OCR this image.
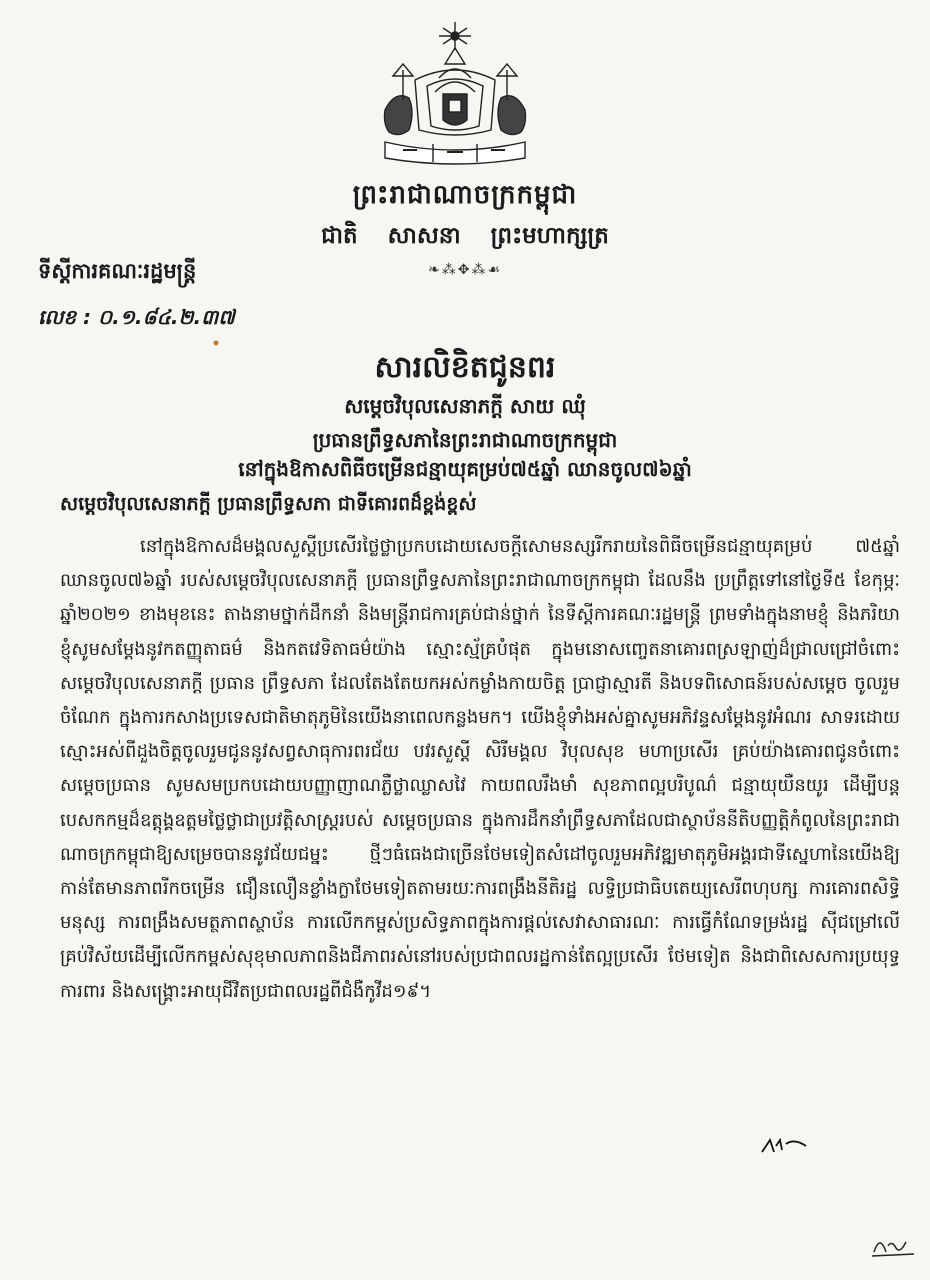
ព្រះរាជាណាចក្រកម្ពុជា
ជាតិ សាសនា ព្រះមហាក្សត្រ
❧⁂✥⁂☙
ទីស្ដីការគណៈរដ្ឋមន្ត្រី
លេខ : ០.១.៨៤.២.៣៧
សារលិខិតជូនពរ
សម្ដេចវិបុលសេនាភក្ដី សាយ ឈុំ
ប្រធានព្រឹទ្ធសភានៃព្រះរាជាណាចក្រកម្ពុជា
នៅក្នុងឱកាសពិធីចម្រើនជន្មាយុគម្រប់៧៥ឆ្នាំ ឈានចូល៧៦ឆ្នាំ
សម្ដេចវិបុលសេនាភក្ដី ប្រធានព្រឹទ្ធសភា ជាទីគោរពដ៏ខ្ពង់ខ្ពស់
នៅក្នុងឱកាសដ៏មង្គលសួស្ដីប្រសើរថ្លៃថ្លាប្រកបដោយសេចក្ដីសោមនស្សរីករាយនៃពិធីចម្រើនជន្មាយុគម្រប់ ៧៥ឆ្នាំ ឈានចូល៧៦ឆ្នាំ របស់សម្ដេចវិបុលសេនាភក្ដី ប្រធានព្រឹទ្ធសភានៃព្រះរាជាណាចក្រកម្ពុជា ដែលនឹង ប្រព្រឹត្តទៅនៅថ្ងៃទី៥ ខែកុម្ភៈ ឆ្នាំ២០២១ ខាងមុខនេះ តាងនាមថ្នាក់ដឹកនាំ និងមន្ត្រីរាជការគ្រប់ជាន់ថ្នាក់ នៃទីស្ដីការគណៈរដ្ឋមន្ត្រី ព្រមទាំងក្នុងនាមខ្ញុំ និងភរិយា ខ្ញុំសូមសម្ដែងនូវកតញ្ញុតាធម៌ និងកតវេទិតាធម៌យ៉ាង ស្មោះស្ម័គ្របំផុត ក្នុងមនោសញ្ចេតនាគោរពស្រឡាញ់ដ៏ជ្រាលជ្រៅចំពោះ សម្ដេចវិបុលសេនាភក្ដី ប្រធាន ព្រឹទ្ធសភា ដែលតែងតែយកអស់កម្លាំងកាយចិត្ត ប្រាជ្ញាស្មារតី និងបទពិសោធន៍របស់សម្ដេច ចូលរួមចំណែក ក្នុងការកសាងប្រទេសជាតិមាតុភូមិនៃយើងនាពេលកន្លងមក។ យើងខ្ញុំទាំងអស់គ្នាសូមអភិវន្ទសម្ដែងនូវអំណរ សាទរដោយស្មោះអស់ពីដួងចិត្តចូលរួមជូននូវសព្វសាធុការពរជ័យ បវរសួស្ដី សិរីមង្គល វិបុលសុខ មហាប្រសើរ គ្រប់យ៉ាងគោរពជូនចំពោះ សម្ដេចប្រធាន សូមសមប្រកបដោយបញ្ញាញាណភ្លឺថ្លាឈ្លាសវៃ កាយពលរឹងមាំ សុខភាពល្អបរិបូណ៌ ជន្មាយុយឺនយូរ ដើម្បីបន្តបេសកកម្មដ៏ឧត្ដុង្គឧត្ដមថ្លៃថ្លាជាប្រវត្តិសាស្ត្ររបស់ សម្ដេចប្រធាន ក្នុងការដឹកនាំព្រឹទ្ធសភាដែលជាស្ថាប័ននីតិបញ្ញត្តិកំពូលនៃព្រះរាជាណាចក្រកម្ពុជាឱ្យសម្រេចបាននូវជ័យជម្នះ ថ្មីៗធំធេងជាច្រើនថែមទៀតសំដៅចូលរួមអភិវឌ្ឍមាតុភូមិអង្គរជាទីស្នេហានៃយើងឱ្យកាន់តែមានភាពរីកចម្រើន ជឿនលឿនខ្លាំងក្លាថែមទៀតតាមរយៈការពង្រឹងនីតិរដ្ឋ លទ្ធិប្រជាធិបតេយ្យសេរីពហុបក្ស ការគោរពសិទ្ធិមនុស្ស ការពង្រឹងសមត្ថភាពស្ថាប័ន ការលើកកម្ពស់ប្រសិទ្ធភាពក្នុងការផ្ដល់សេវាសាធារណៈ ការធ្វើកំណែទម្រង់រដ្ឋ ស៊ីជម្រៅលើគ្រប់វិស័យដើម្បីលើកកម្ពស់សុខុមាលភាពនិងជីភាពរស់នៅរបស់ប្រជាពលរដ្ឋកាន់តែល្អប្រសើរ ថែមទៀត និងជាពិសេសការប្រយុទ្ធការពារ និងសង្គ្រោះអាយុជីវិតប្រជាពលរដ្ឋពីជំងឺកូវីដ១៩។
